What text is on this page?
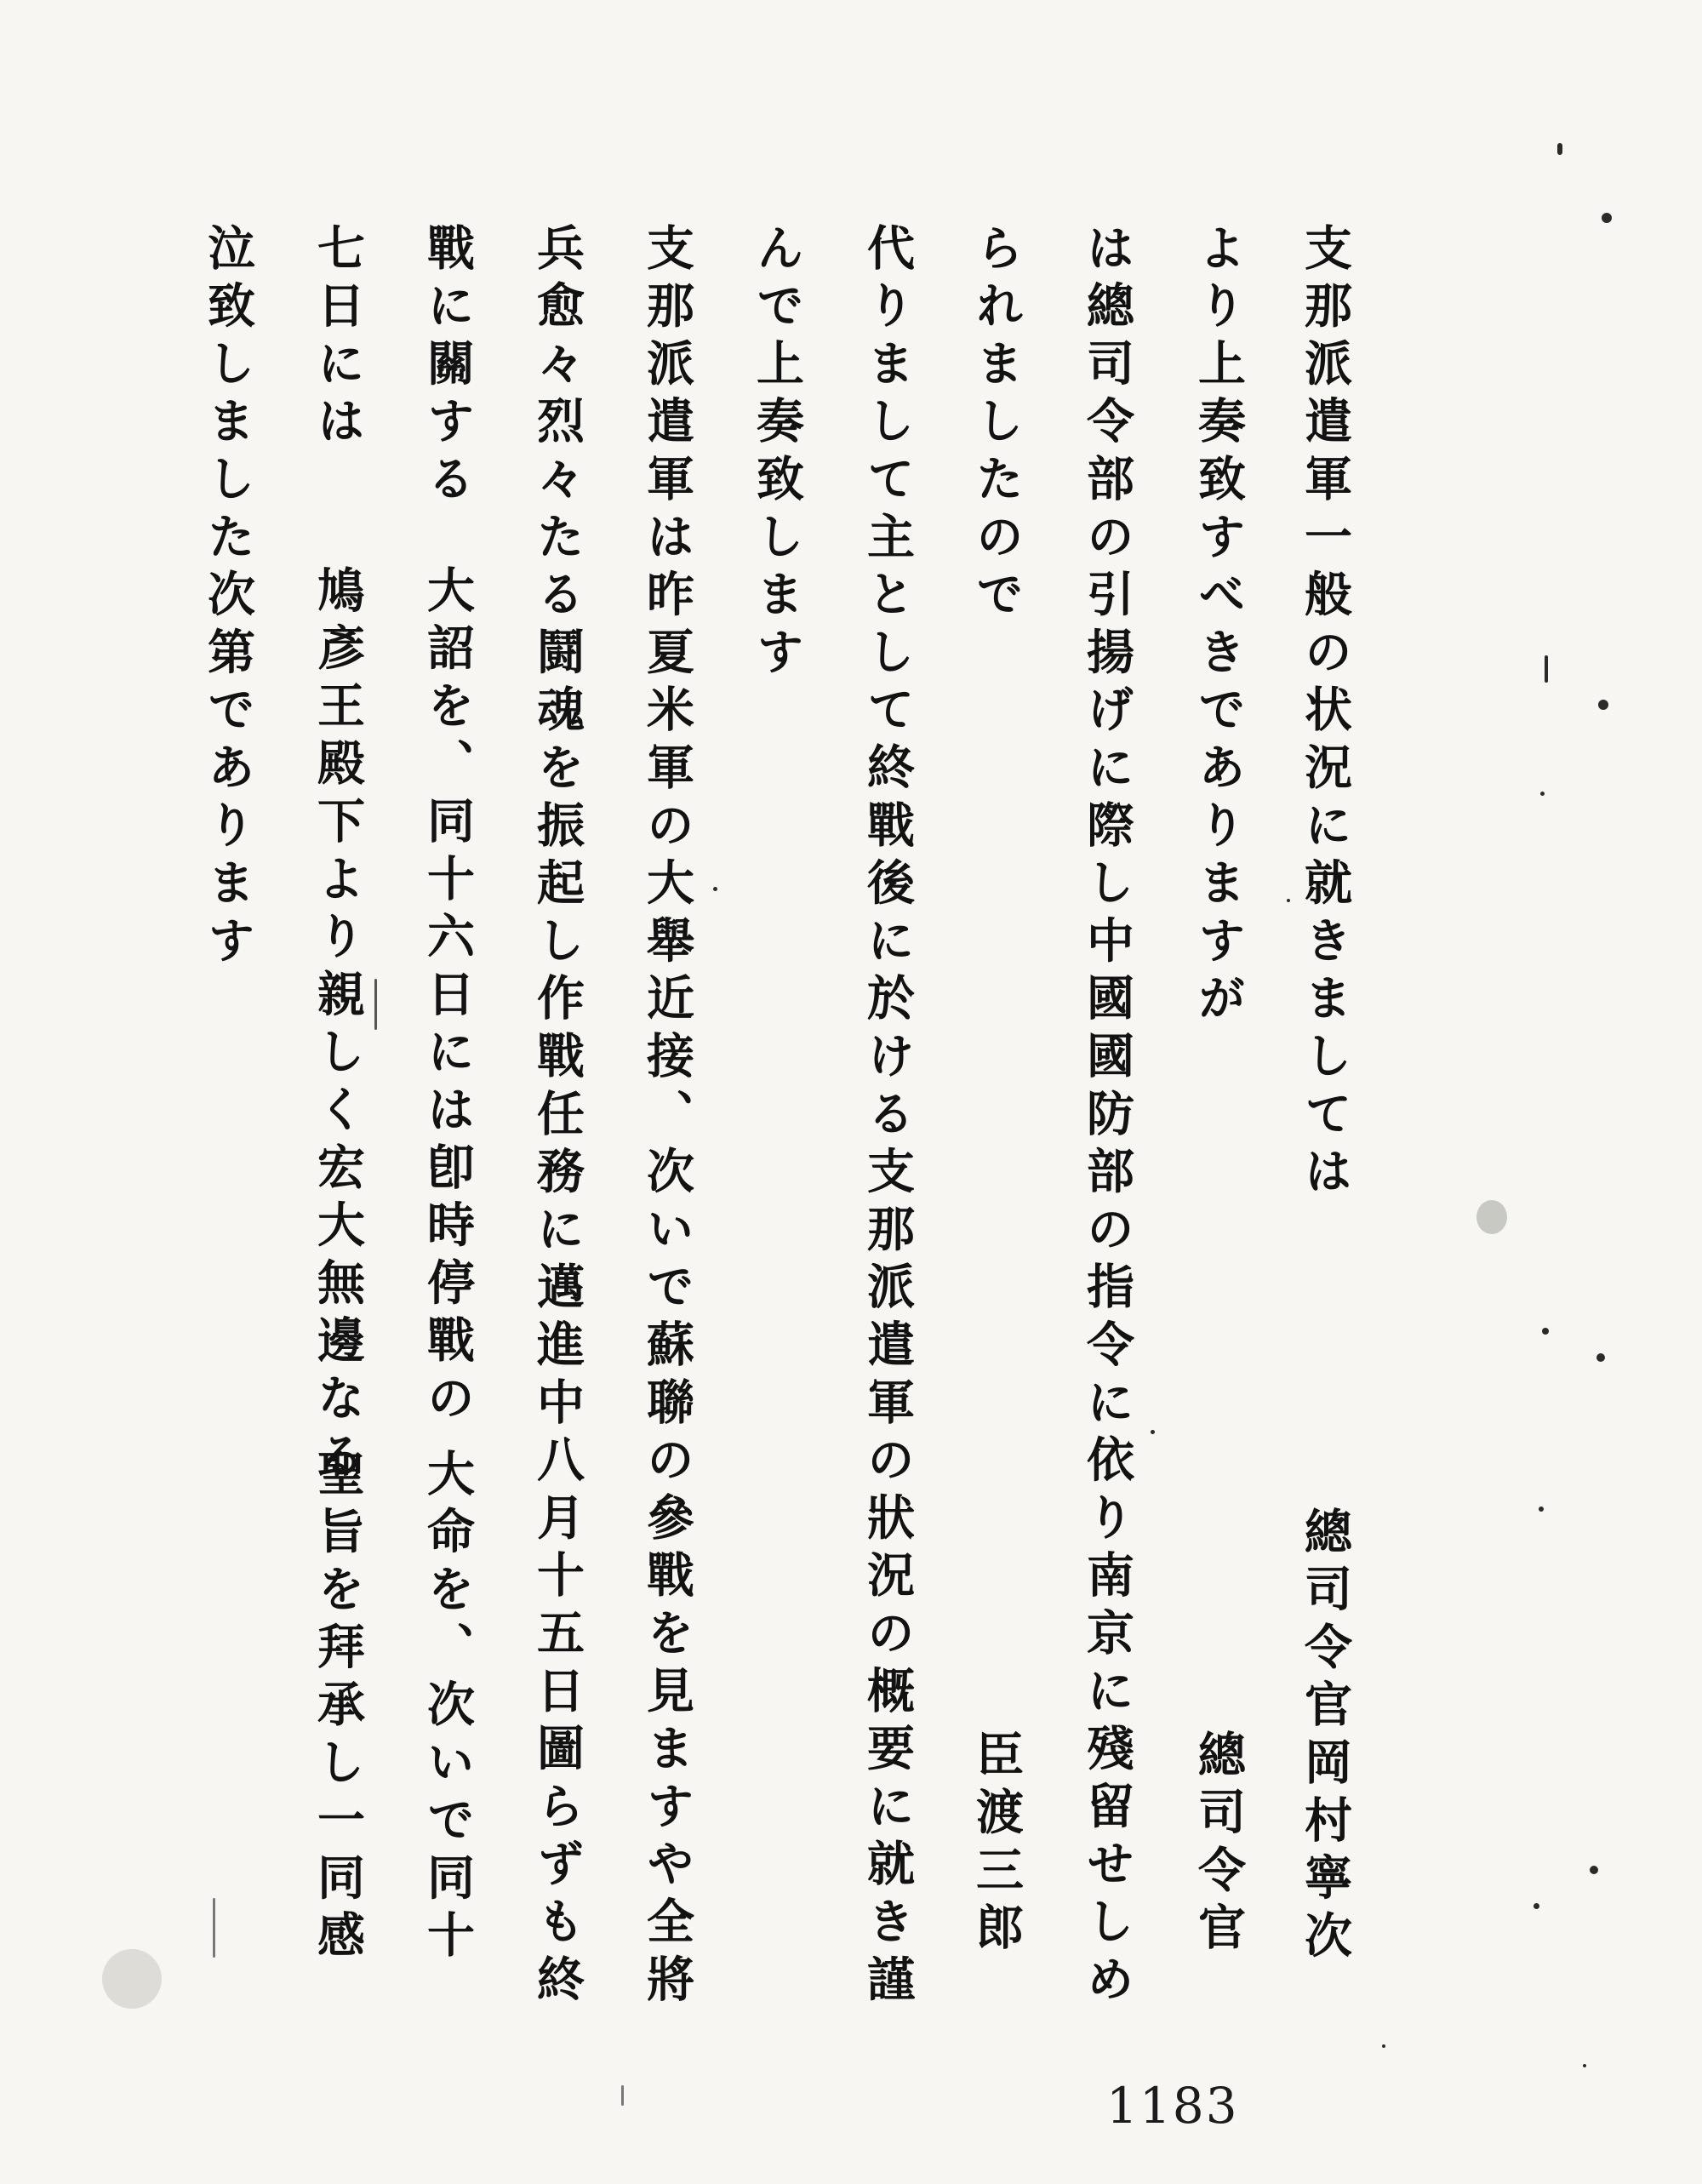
支那派遣軍一般の状況に就きましては
總司令官岡村寧次
より上奏致すべきでありますが
總司令官
は總司令部の引揚げに際し中國國防部の指令に依り南京に殘留せしめ
られましたので
臣渡三郎
代りまして主として終戰後に於ける支那派遣軍の狀況の概要に就き謹
んで上奏致します
支那派遣軍は昨夏米軍の大舉近接、次いで蘇聯の參戰を見ますや全將
兵愈々烈々たる鬪魂を振起し作戰任務に邁進中八月十五日圖らずも終
戰に關する
大詔を、同十六日には卽時停戰の
大命を、次いで同十
七日には
鳩彥王殿下より親しく宏大無邊なる
聖旨を拜承し一同感
泣致しました次第であります
1183
